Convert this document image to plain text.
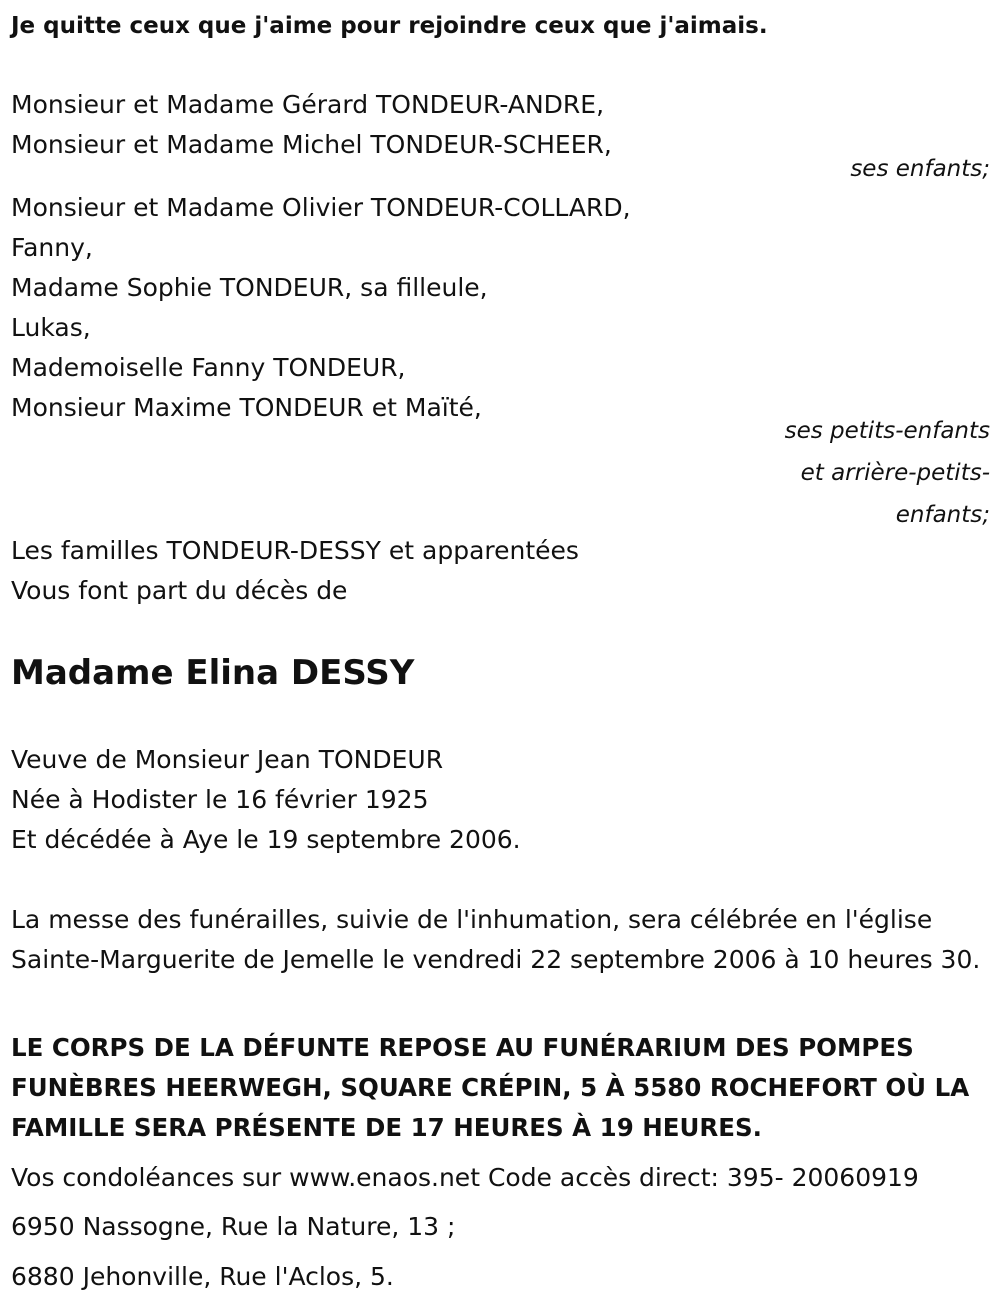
Je quitte ceux que j'aime pour rejoindre ceux que j'aimais.
Monsieur et Madame Gérard TONDEUR-ANDRE,
Monsieur et Madame Michel TONDEUR-SCHEER,
ses enfants;
Monsieur et Madame Olivier TONDEUR-COLLARD,
Fanny,
Madame Sophie TONDEUR, sa filleule,
Lukas,
Mademoiselle Fanny TONDEUR,
Monsieur Maxime TONDEUR et Maïté,
ses petits-enfants
et arrière-petits-
enfants;
Les familles TONDEUR-DESSY et apparentées
Vous font part du décès de
Madame Elina DESSY
Veuve de Monsieur Jean TONDEUR
Née à Hodister le 16 février 1925
Et décédée à Aye le 19 septembre 2006.
La messe des funérailles, suivie de l'inhumation, sera célébrée en l'église Sainte-Marguerite de Jemelle le vendredi 22 septembre 2006 à 10 heures 30.
LE CORPS DE LA DÉFUNTE REPOSE AU FUNÉRARIUM DES POMPES FUNÈBRES HEERWEGH, SQUARE CRÉPIN, 5 À 5580 ROCHEFORT OÙ LA FAMILLE SERA PRÉSENTE DE 17 HEURES À 19 HEURES.
Vos condoléances sur www.enaos.net Code accès direct: 395- 20060919
6950 Nassogne, Rue la Nature, 13 ;
6880 Jehonville, Rue l'Aclos, 5.
